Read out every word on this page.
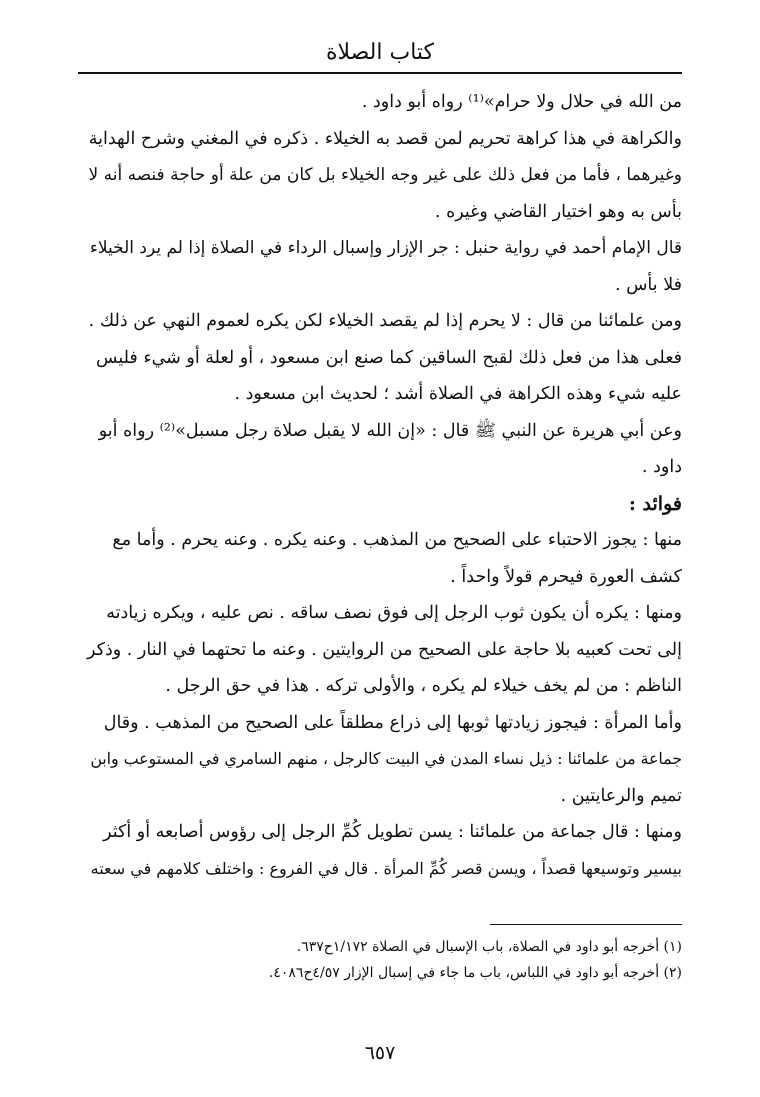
كتاب الصلاة
من الله في حلال ولا حرام»⁽¹⁾ رواه أبو داود .
والكراهة في هذا كراهة تحريم لمن قصد به الخيلاء . ذكره في المغني وشرح الهداية
وغيرهما ، فأما من فعل ذلك على غير وجه الخيلاء بل كان من علة أو حاجة فنصه أنه لا
بأس به وهو اختيار القاضي وغيره .
قال الإمام أحمد في رواية حنبل : جر الإزار وإسبال الرداء في الصلاة إذا لم يرد الخيلاء
فلا بأس .
ومن علمائنا من قال : لا يحرم إذا لم يقصد الخيلاء لكن يكره لعموم النهي عن ذلك .
فعلى هذا من فعل ذلك لقبح الساقين كما صنع ابن مسعود ، أو لعلة أو شيء فليس
عليه شيء وهذه الكراهة في الصلاة أشد ؛ لحديث ابن مسعود .
وعن أبي هريرة عن النبي ﷺ قال : «إن الله لا يقبل صلاة رجل مسبل»⁽²⁾ رواه أبو
داود .
فوائد :
منها : يجوز الاحتباء على الصحيح من المذهب . وعنه يكره . وعنه يحرم . وأما مع
كشف العورة فيحرم قولاً واحداً .
ومنها : يكره أن يكون ثوب الرجل إلى فوق نصف ساقه . نص عليه ، ويكره زيادته
إلى تحت كعبيه بلا حاجة على الصحيح من الروايتين . وعنه ما تحتهما في النار . وذكر
الناظم : من لم يخف خيلاء لم يكره ، والأولى تركه . هذا في حق الرجل .
وأما المرأة : فيجوز زيادتها ثوبها إلى ذراع مطلقاً على الصحيح من المذهب . وقال
جماعة من علمائنا : ذيل نساء المدن في البيت كالرجل ، منهم السامري في المستوعب وابن
تميم والرعايتين .
ومنها : قال جماعة من علمائنا : يسن تطويل كُمِّ الرجل إلى رؤوس أصابعه أو أكثر
بيسير وتوسيعها قصداً ، ويسن قصر كُمِّ المرأة . قال في الفروع : واختلف كلامهم في سعته
(١) أخرجه أبو داود في الصلاة، باب الإسبال في الصلاة ١/١٧٢ح٦٣٧.
(٢) أخرجه أبو داود في اللباس، باب ما جاء في إسبال الإزار ٤/٥٧ح٤٠٨٦.
٦٥٧
